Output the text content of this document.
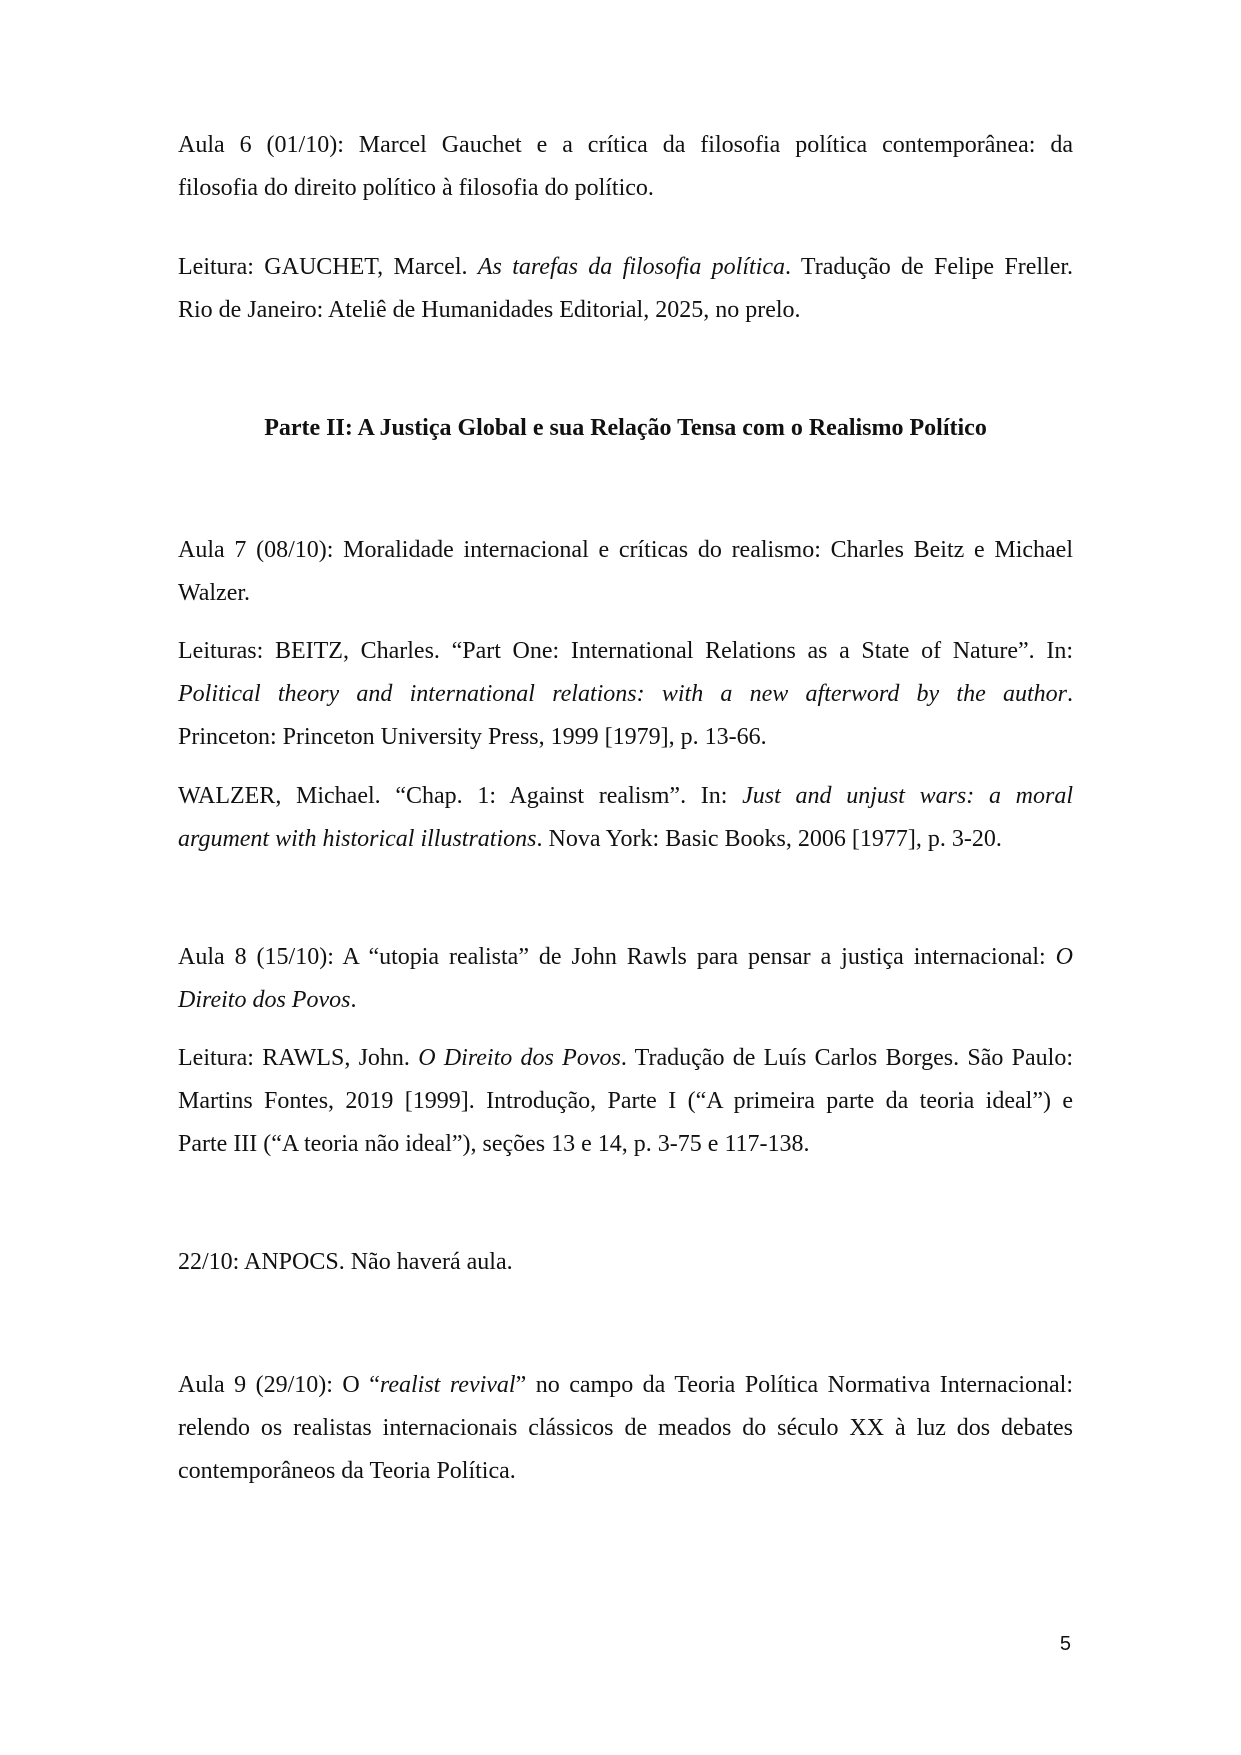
Aula 6 (01/10): Marcel Gauchet e a crítica da filosofia política contemporânea: da
filosofia do direito político à filosofia do político.

Leitura: GAUCHET, Marcel. As tarefas da filosofia política. Tradução de Felipe Freller.
Rio de Janeiro: Ateliê de Humanidades Editorial, 2025, no prelo.

Parte II: A Justiça Global e sua Relação Tensa com o Realismo Político

Aula 7 (08/10): Moralidade internacional e críticas do realismo: Charles Beitz e Michael
Walzer.

Leituras: BEITZ, Charles. “Part One: International Relations as a State of Nature”. In:
Political theory and international relations: with a new afterword by the author.
Princeton: Princeton University Press, 1999 [1979], p. 13-66.

WALZER, Michael. “Chap. 1: Against realism”. In: Just and unjust wars: a moral
argument with historical illustrations. Nova York: Basic Books, 2006 [1977], p. 3-20.

Aula 8 (15/10): A “utopia realista” de John Rawls para pensar a justiça internacional: O
Direito dos Povos.

Leitura: RAWLS, John. O Direito dos Povos. Tradução de Luís Carlos Borges. São Paulo:
Martins Fontes, 2019 [1999]. Introdução, Parte I (“A primeira parte da teoria ideal”) e
Parte III (“A teoria não ideal”), seções 13 e 14, p. 3-75 e 117-138.

22/10: ANPOCS. Não haverá aula.

Aula 9 (29/10): O “realist revival” no campo da Teoria Política Normativa Internacional:
relendo os realistas internacionais clássicos de meados do século XX à luz dos debates
contemporâneos da Teoria Política.

5
